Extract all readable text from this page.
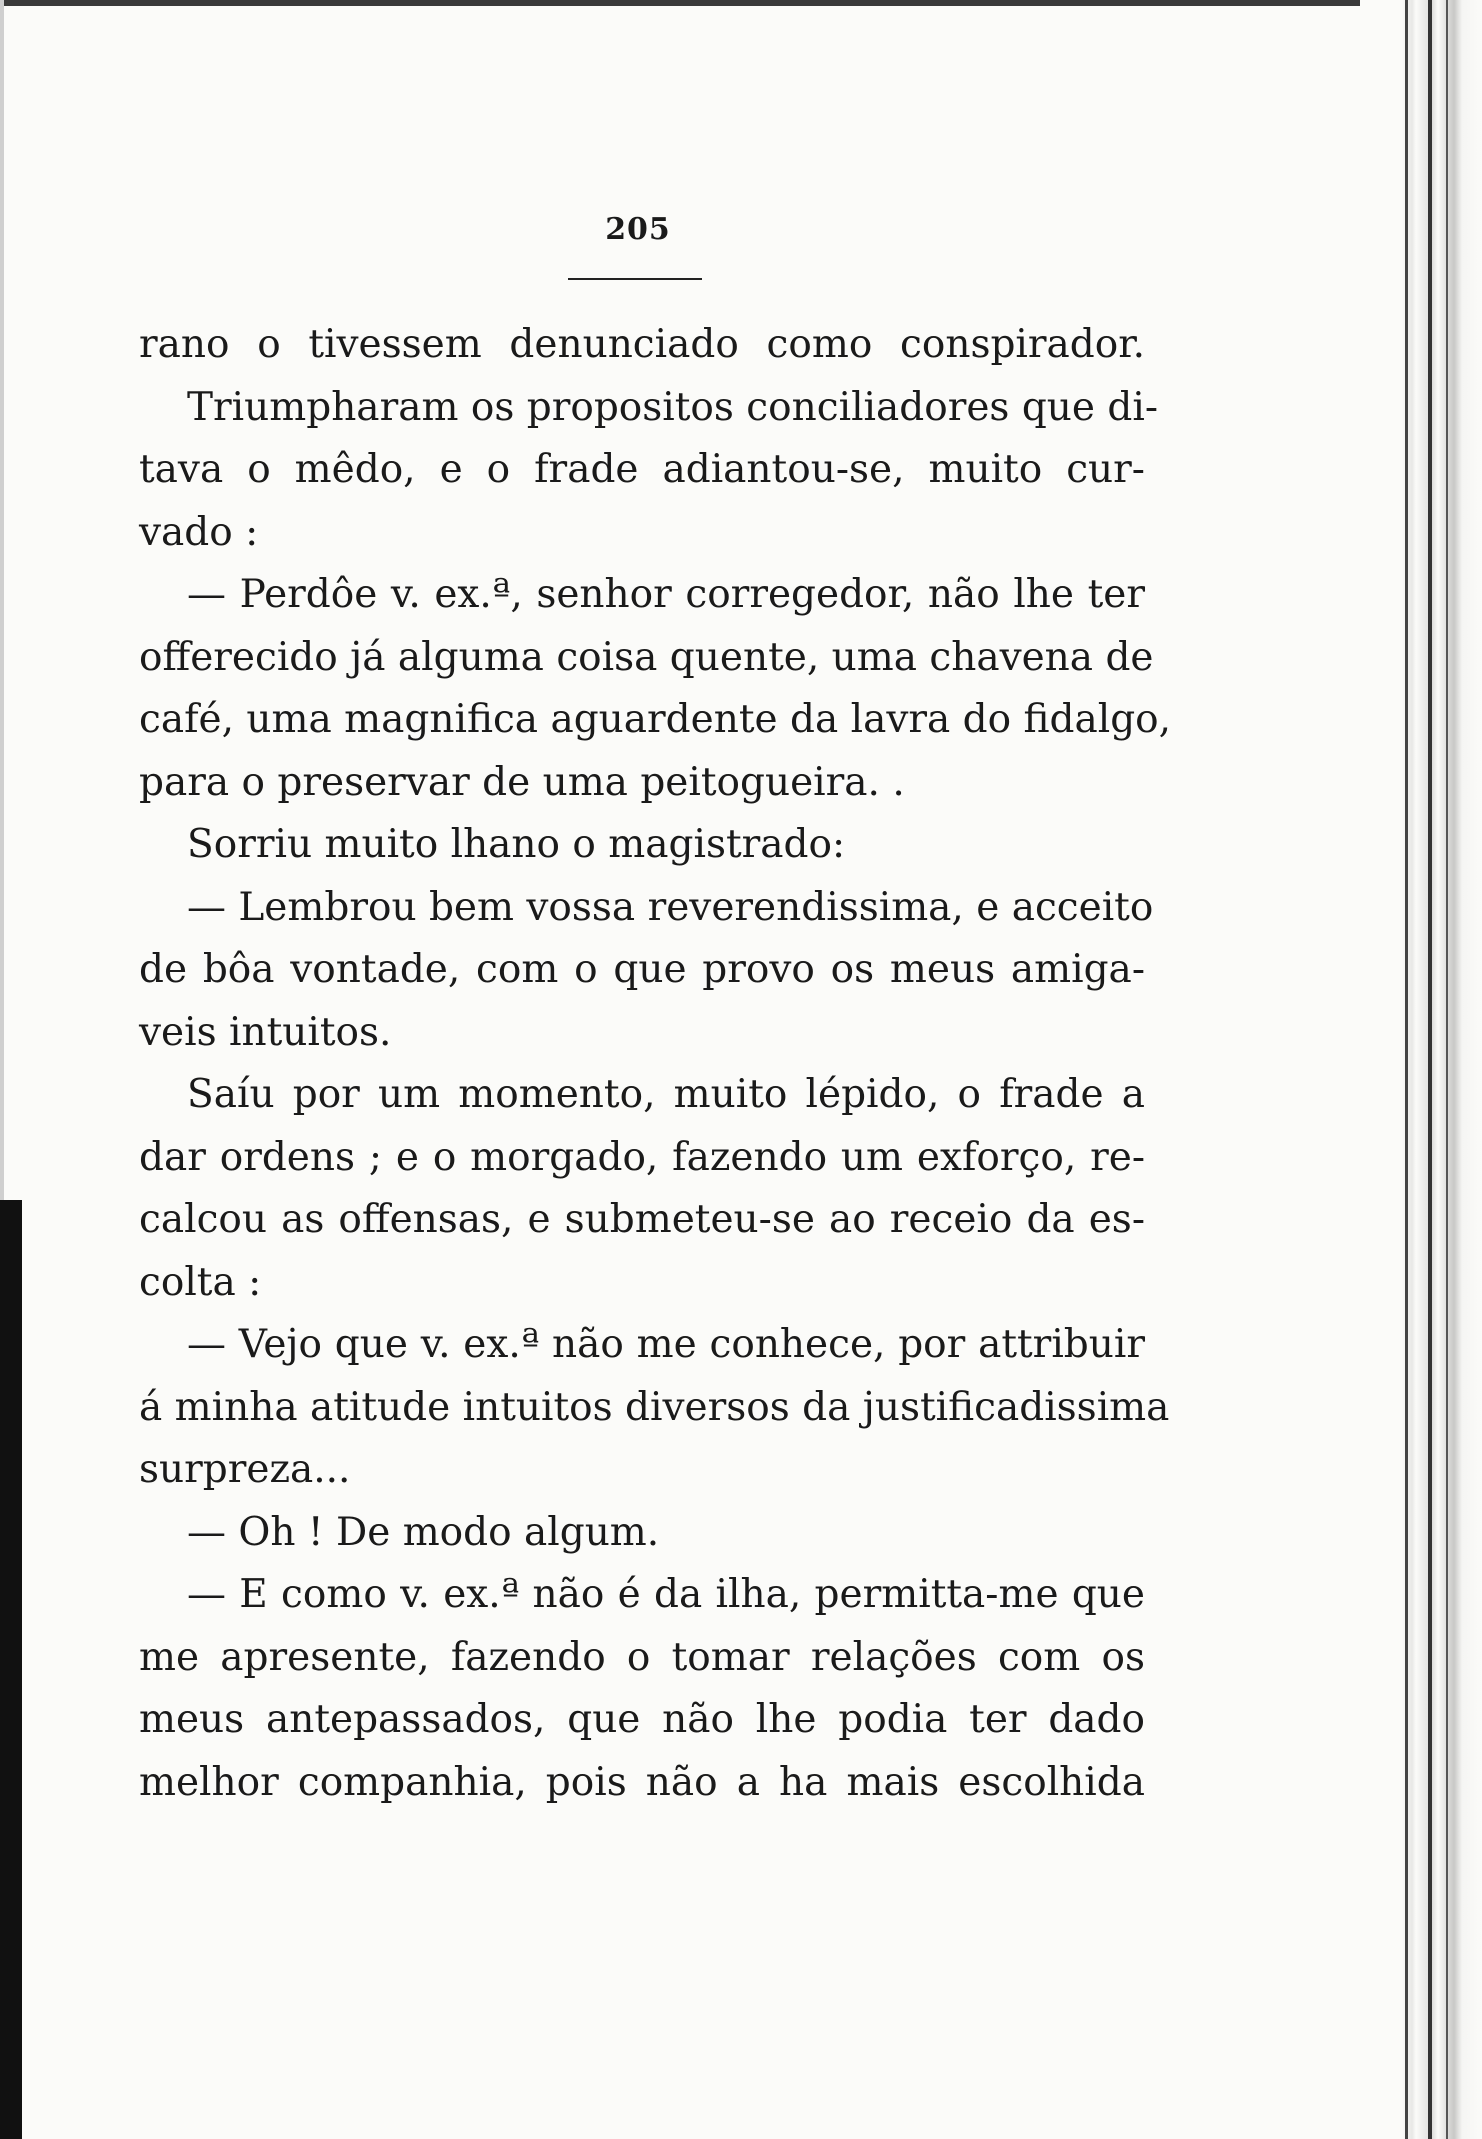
205
rano o tivessem denunciado como conspirador.
Triumpharam os propositos conciliadores que di-
tava o mêdo, e o frade adiantou-se, muito cur-
vado :
— Perdôe v. ex.ª, senhor corregedor, não lhe ter
offerecido já alguma coisa quente, uma chavena de
café, uma magnifica aguardente da lavra do fidalgo,
para o preservar de uma peitogueira. .
Sorriu muito lhano o magistrado:
— Lembrou bem vossa reverendissima, e acceito
de bôa vontade, com o que provo os meus amiga-
veis intuitos.
Saíu por um momento, muito lépido, o frade a
dar ordens ; e o morgado, fazendo um exforço, re-
calcou as offensas, e submeteu-se ao receio da es-
colta :
— Vejo que v. ex.ª não me conhece, por attribuir
á minha atitude intuitos diversos da justificadissima
surpreza...
— Oh ! De modo algum.
— E como v. ex.ª não é da ilha, permitta-me que
me apresente, fazendo o tomar relações com os
meus antepassados, que não lhe podia ter dado
melhor companhia, pois não a ha mais escolhida
